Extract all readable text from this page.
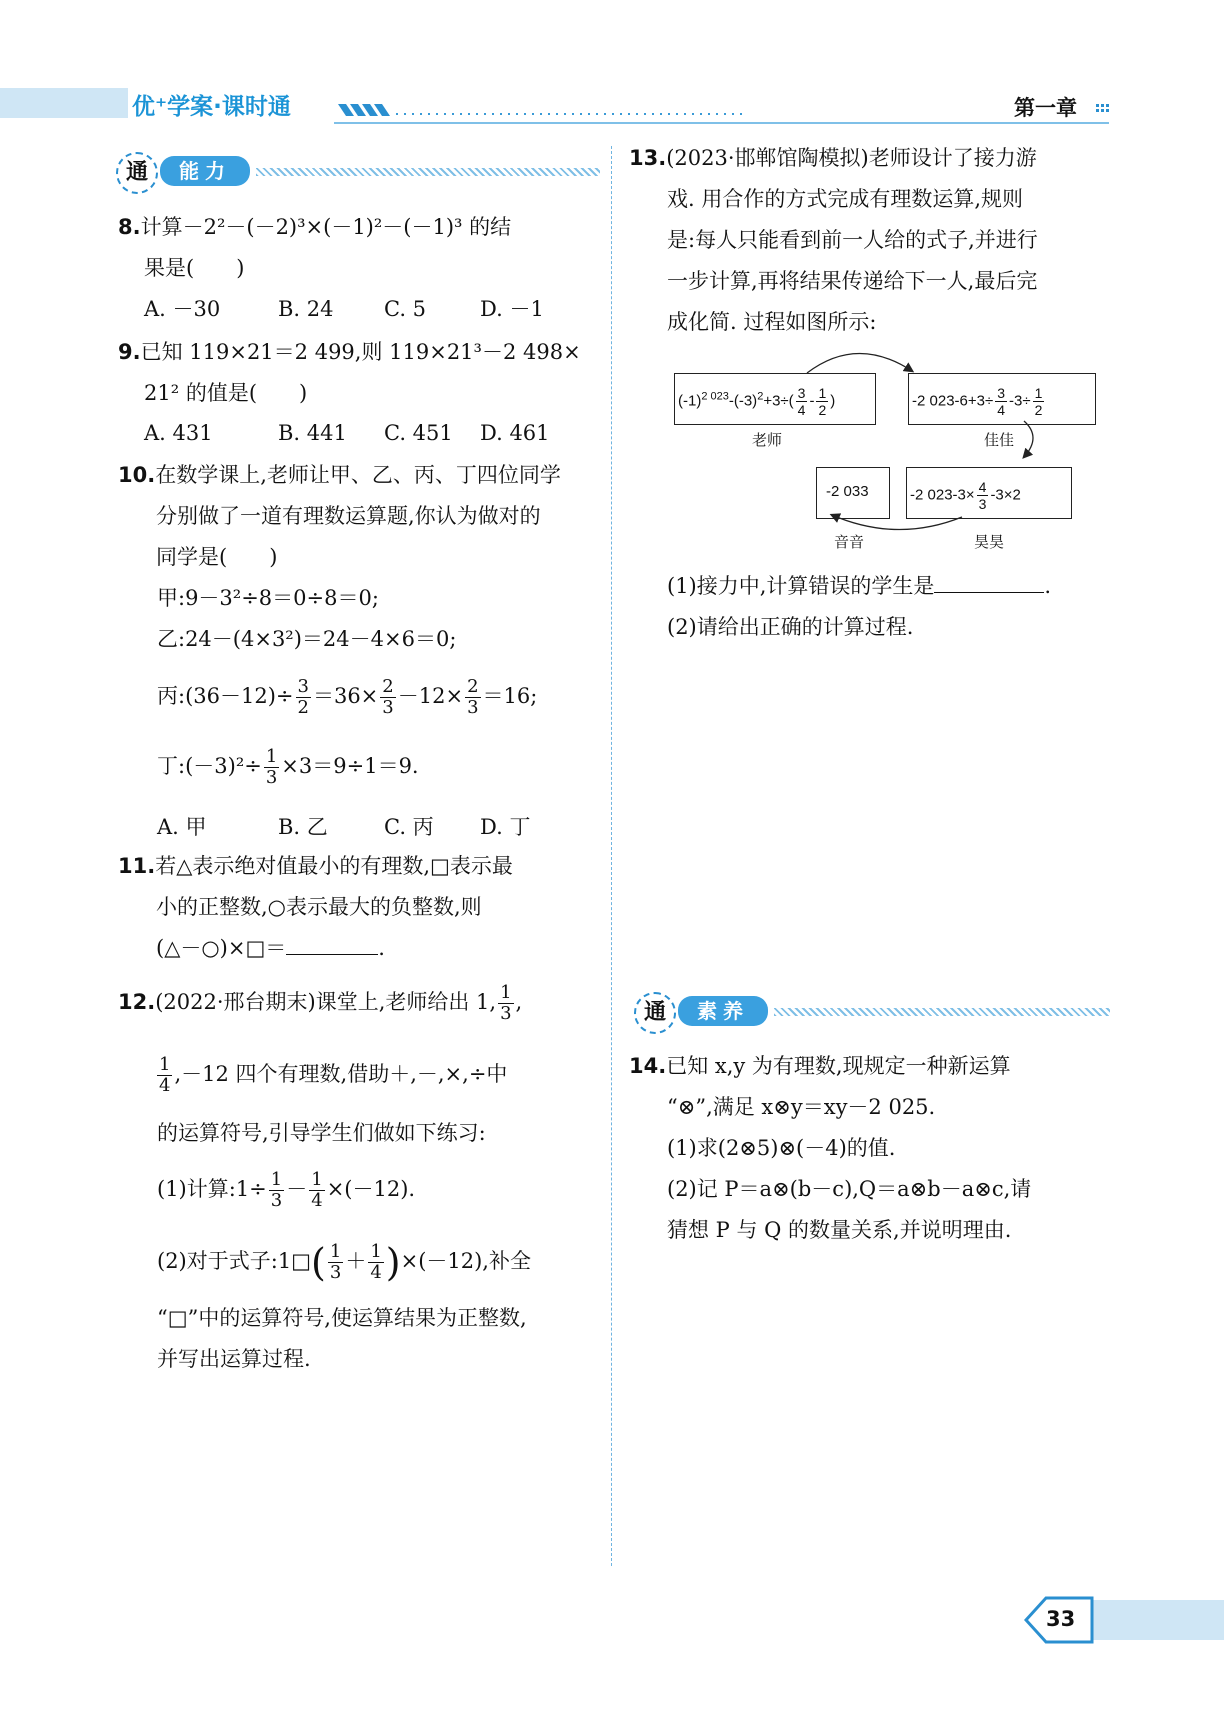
优⁺学案·课时通	第一章
通	能力
8.计算－2²－(－2)³×(－1)²－(－1)³ 的结
果是(　　)
A. －30	B. 24 C. 5	D. －1
9.已知 119×21＝2 499,则 119×21³－2 498×
21² 的值是(　　)
A. 431	B. 441 C. 451 D. 461
10.在数学课上,老师让甲、乙、丙、丁四位同学
分别做了一道有理数运算题,你认为做对的
同学是(　　)
甲:9－3²÷8＝0÷8＝0;
乙:24－(4×3²)＝24－4×6＝0;
丙:(36－12)÷ $\frac{3}{2} =36\times \frac{2}{3} -12\times \frac{2}{3} =16$;
丁:(－3)²÷ $\frac{1}{3} \times 3=9\div 1=9$.
A. 甲	B. 乙	C. 丙 D. 丁
11.若△表示绝对值最小的有理数,□表示最
小的正整数,○表示最大的负整数,则
(△－○)×□＝	.
12.(2022·邢台期末)课堂上,老师给出 1, $\frac{1}{3}$ ,
$\frac{1}{4} ,-12$ 四个有理数,借助＋,－,×,÷中
的运算符号,引导学生们做如下练习:
(1)计算:1÷ $\frac{1}{3} - \frac{1}{4} \times(-12)$.
(2)对于式子:1□( $\frac{1}{3} + \frac{1}{4} )\times(-12)$,补全
“□”中的运算符号,使运算结果为正整数,
并写出运算过程.
13.(2023·邯郸馆陶模拟)老师设计了接力游
戏. 用合作的方式完成有理数运算,规则
是:每人只能看到前一人给的式子,并进行
一步计算,再将结果传递给下一人,最后完
成化简. 过程如图所示:
$(-1)^{2 023}-(-3)^2+3\div( \frac{3}{4} - \frac{1}{2}$ )	-2 $023-6+3\div \frac{3}{4} -3\div \frac{1}{2}$
-2 $023-3\times \frac{4}{3} -3\times 2$
-2 033
老师	佳佳
昊昊
音音
(1)接力中,计算错误的学生是	.
(2)请给出正确的计算过程.
通	素养
14.已知 x,y 为有理数,现规定一种新运算
“⊗”,满足 x⊗y＝xy－2 025.
(1)求(2⊗5)⊗(－4)的值.
(2)记 P＝a⊗(b－c),Q＝a⊗b－a⊗c,请
猜想 P 与 Q 的数量关系,并说明理由.
33
